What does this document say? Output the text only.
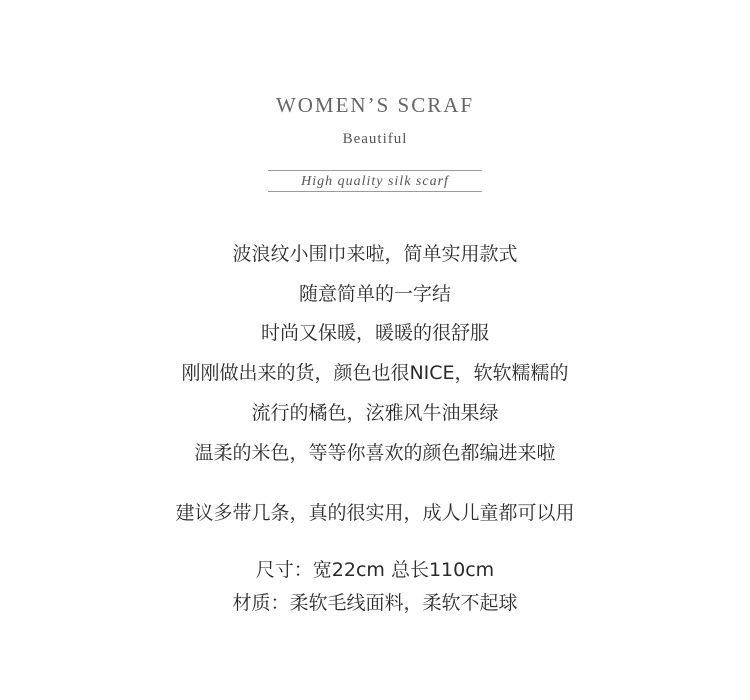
WOMEN’S SCRAF
Beautiful
High quality silk scarf
波浪纹小围巾来啦，简单实用款式
随意简单的一字结
时尚又保暖，暖暖的很舒服
刚刚做出来的货，颜色也很NICE，软软糯糯的
流行的橘色，泫雅风牛油果绿
温柔的米色，等等你喜欢的颜色都编进来啦
建议多带几条，真的很实用，成人儿童都可以用
尺寸：宽22cm 总长110cm
材质：柔软毛线面料，柔软不起球
